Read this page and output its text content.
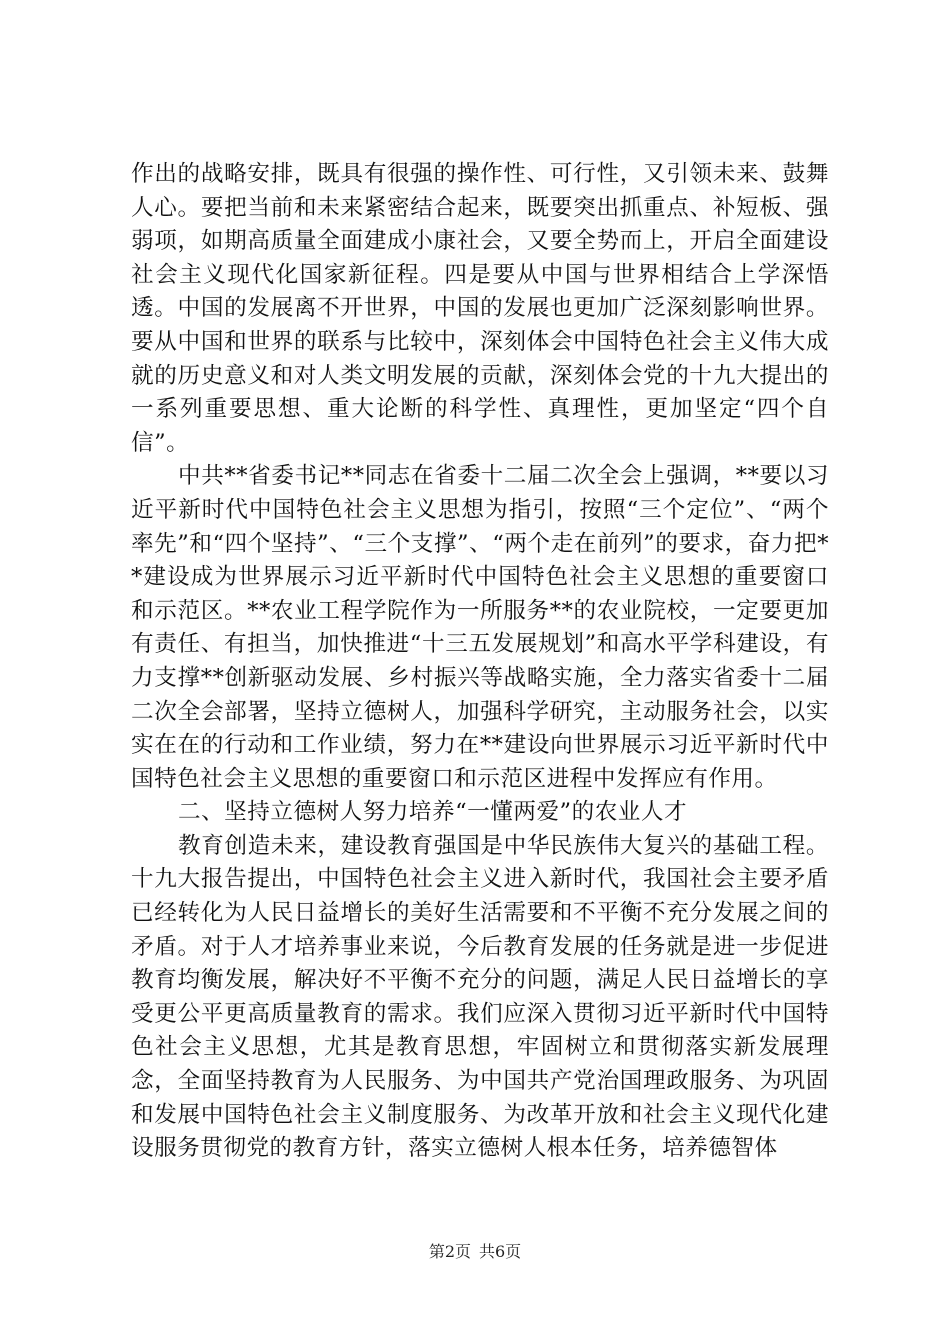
作出的战略安排，既具有很强的操作性、可行性，又引领未来、鼓舞人心。要把当前和未来紧密结合起来，既要突出抓重点、补短板、强弱项，如期高质量全面建成小康社会，又要全势而上，开启全面建设社会主义现代化国家新征程。四是要从中国与世界相结合上学深悟透。中国的发展离不开世界，中国的发展也更加广泛深刻影响世界。要从中国和世界的联系与比较中，深刻体会中国特色社会主义伟大成就的历史意义和对人类文明发展的贡献，深刻体会党的十九大提出的一系列重要思想、重大论断的科学性、真理性，更加坚定“四个自信”。

中共**省委书记**同志在省委十二届二次全会上强调，**要以习近平新时代中国特色社会主义思想为指引，按照“三个定位”、“两个率先”和“四个坚持”、“三个支撑”、“两个走在前列”的要求，奋力把**建设成为世界展示习近平新时代中国特色社会主义思想的重要窗口和示范区。**农业工程学院作为一所服务**的农业院校，一定要更加有责任、有担当，加快推进“十三五发展规划”和高水平学科建设，有力支撑**创新驱动发展、乡村振兴等战略实施，全力落实省委十二届二次全会部署，坚持立德树人，加强科学研究，主动服务社会，以实实在在的行动和工作业绩，努力在**建设向世界展示习近平新时代中国特色社会主义思想的重要窗口和示范区进程中发挥应有作用。

二、坚持立德树人努力培养“一懂两爱”的农业人才

教育创造未来，建设教育强国是中华民族伟大复兴的基础工程。十九大报告提出，中国特色社会主义进入新时代，我国社会主要矛盾已经转化为人民日益增长的美好生活需要和不平衡不充分发展之间的矛盾。对于人才培养事业来说，今后教育发展的任务就是进一步促进教育均衡发展，解决好不平衡不充分的问题，满足人民日益增长的享受更公平更高质量教育的需求。我们应深入贯彻习近平新时代中国特色社会主义思想，尤其是教育思想，牢固树立和贯彻落实新发展理念，全面坚持教育为人民服务、为中国共产党治国理政服务、为巩固和发展中国特色社会主义制度服务、为改革开放和社会主义现代化建设服务贯彻党的教育方针，落实立德树人根本任务，培养德智体

第2页 共6页
